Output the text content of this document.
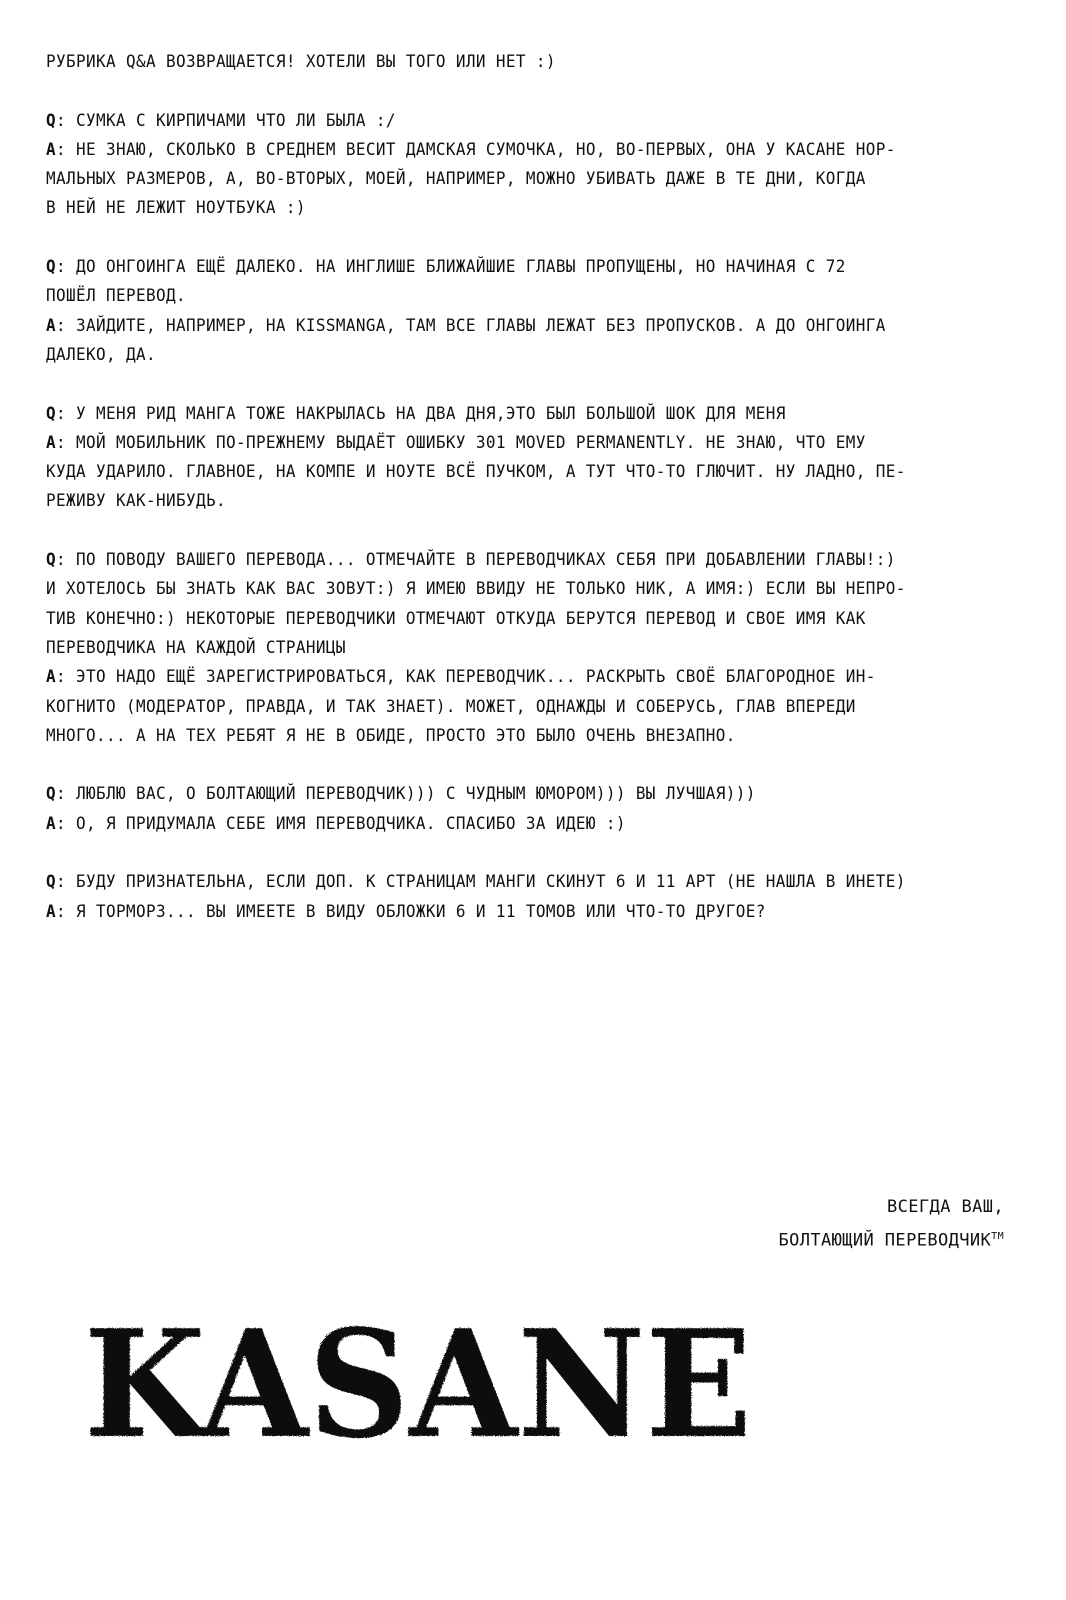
РУБРИКА Q&A ВОЗВРАЩАЕТСЯ! ХОТЕЛИ ВЫ ТОГО ИЛИ НЕТ :)
Q: СУМКА С КИРПИЧАМИ ЧТО ЛИ БЫЛА :/
A: НЕ ЗНАЮ, СКОЛЬКО В СРЕДНЕМ ВЕСИТ ДАМСКАЯ СУМОЧКА, НО, ВО-ПЕРВЫХ, ОНА У КАСАНЕ НОР-
МАЛЬНЫХ РАЗМЕРОВ, А, ВО-ВТОРЫХ, МОЕЙ, НАПРИМЕР, МОЖНО УБИВАТЬ ДАЖЕ В ТЕ ДНИ, КОГДА
В НЕЙ НЕ ЛЕЖИТ НОУТБУКА :)
Q: ДО ОНГОИНГА ЕЩЁ ДАЛЕКО. НА ИНГЛИШЕ БЛИЖАЙШИЕ ГЛАВЫ ПРОПУЩЕНЫ, НО НАЧИНАЯ С 72
ПОШЁЛ ПЕРЕВОД.
A: ЗАЙДИТЕ, НАПРИМЕР, НА KISSMANGA, ТАМ ВСЕ ГЛАВЫ ЛЕЖАТ БЕЗ ПРОПУСКОВ. А ДО ОНГОИНГА
ДАЛЕКО, ДА.
Q: У МЕНЯ РИД МАНГА ТОЖЕ НАКРЫЛАСЬ НА ДВА ДНЯ,ЭТО БЫЛ БОЛЬШОЙ ШОК ДЛЯ МЕНЯ
A: МОЙ МОБИЛЬНИК ПО-ПРЕЖНЕМУ ВЫДАЁТ ОШИБКУ 301 MOVED PERMANENTLY. НЕ ЗНАЮ, ЧТО ЕМУ
КУДА УДАРИЛО. ГЛАВНОЕ, НА КОМПЕ И НОУТЕ ВСЁ ПУЧКОМ, А ТУТ ЧТО-ТО ГЛЮЧИТ. НУ ЛАДНО, ПЕ-
РЕЖИВУ КАК-НИБУДЬ.
Q: ПО ПОВОДУ ВАШЕГО ПЕРЕВОДА... ОТМЕЧАЙТЕ В ПЕРЕВОДЧИКАХ СЕБЯ ПРИ ДОБАВЛЕНИИ ГЛАВЫ!:)
И ХОТЕЛОСЬ БЫ ЗНАТЬ КАК ВАС ЗОВУТ:) Я ИМЕЮ ВВИДУ НЕ ТОЛЬКО НИК, А ИМЯ:) ЕСЛИ ВЫ НЕПРО-
ТИВ КОНЕЧНО:) НЕКОТОРЫЕ ПЕРЕВОДЧИКИ ОТМЕЧАЮТ ОТКУДА БЕРУТСЯ ПЕРЕВОД И СВОЕ ИМЯ КАК
ПЕРЕВОДЧИКА НА КАЖДОЙ СТРАНИЦЫ
A: ЭТО НАДО ЕЩЁ ЗАРЕГИСТРИРОВАТЬСЯ, КАК ПЕРЕВОДЧИК... РАСКРЫТЬ СВОЁ БЛАГОРОДНОЕ ИН-
КОГНИТО (МОДЕРАТОР, ПРАВДА, И ТАК ЗНАЕТ). МОЖЕТ, ОДНАЖДЫ И СОБЕРУСЬ, ГЛАВ ВПЕРЕДИ
МНОГО... А НА ТЕХ РЕБЯТ Я НЕ В ОБИДЕ, ПРОСТО ЭТО БЫЛО ОЧЕНЬ ВНЕЗАПНО.
Q: ЛЮБЛЮ ВАС, О БОЛТАЮЩИЙ ПЕРЕВОДЧИК))) С ЧУДНЫМ ЮМОРОМ))) ВЫ ЛУЧШАЯ)))
A: О, Я ПРИДУМАЛА СЕБЕ ИМЯ ПЕРЕВОДЧИКА. СПАСИБО ЗА ИДЕЮ :)
Q: БУДУ ПРИЗНАТЕЛЬНА, ЕСЛИ ДОП. К СТРАНИЦАМ МАНГИ СКИНУТ 6 И 11 АРТ (НЕ НАШЛА В ИНЕТЕ)
A: Я ТОРМОРЗ... ВЫ ИМЕЕТЕ В ВИДУ ОБЛОЖКИ 6 И 11 ТОМОВ ИЛИ ЧТО-ТО ДРУГОЕ?
ВСЕГДА ВАШ,
БОЛТАЮЩИЙ ПЕРЕВОДЧИК™
KASANE
